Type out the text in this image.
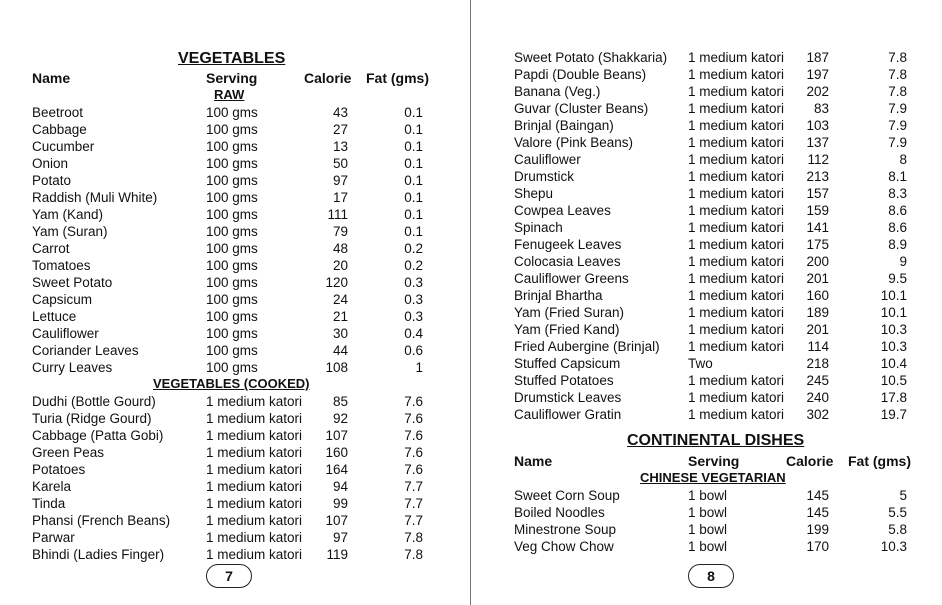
VEGETABLES
Name	Serving	Calorie Fat (gms)
RAW
Beetroot	100 gms	43	0.1
Cabbage	100 gms	27	0.1
Cucumber	100 gms	13	0.1
Onion	100 gms	50	0.1
Potato	100 gms	97	0.1
Raddish (Muli White)	100 gms	17	0.1
Yam (Kand)	100 gms	111	0.1
Yam (Suran)	100 gms	79	0.1
Carrot	100 gms	48	0.2
Tomatoes	100 gms	20	0.2
Sweet Potato	100 gms	120	0.3
Capsicum	100 gms	24	0.3
Lettuce	100 gms	21	0.3
Cauliflower	100 gms	30	0.4
Coriander Leaves	100 gms	44	0.6
Curry Leaves	100 gms	108	1
VEGETABLES (COOKED)
Dudhi (Bottle Gourd)	1 medium katori 85	7.6
Turia (Ridge Gourd)	1 medium katori 92	7.6
Cabbage (Patta Gobi)	1 medium katori 107	7.6
Green Peas	1 medium katori 160	7.6
Potatoes	1 medium katori 164	7.6
Karela	1 medium katori 94	7.7
Tinda	1 medium katori 99	7.7
Phansi (French Beans)	1 medium katori 107	7.7
Parwar	1 medium katori 97	7.8
Bhindi (Ladies Finger)	1 medium katori 119	7.8
7
Sweet Potato (Shakkaria) 1 medium katori 187	7.8
Papdi (Double Beans)	1 medium katori 197	7.8
Banana (Veg.)	1 medium katori 202	7.8
Guvar (Cluster Beans)	1 medium katori 83	7.9
Brinjal (Baingan)	1 medium katori 103	7.9
Valore (Pink Beans)	1 medium katori 137	7.9
Cauliflower	1 medium katori 112	8
Drumstick	1 medium katori 213	8.1
Shepu	1 medium katori 157	8.3
Cowpea Leaves	1 medium katori 159	8.6
Spinach	1 medium katori 141	8.6
Fenugeek Leaves	1 medium katori 175	8.9
Colocasia Leaves	1 medium katori 200	9
Cauliflower Greens	1 medium katori 201	9.5
Brinjal Bhartha	1 medium katori 160	10.1
Yam (Fried Suran)	1 medium katori 189	10.1
Yam (Fried Kand)	1 medium katori 201	10.3
Fried Aubergine (Brinjal) 1 medium katori 114	10.3
Stuffed Capsicum	Two	218	10.4
Stuffed Potatoes	1 medium katori 245	10.5
Drumstick Leaves	1 medium katori 240	17.8
Cauliflower Gratin	1 medium katori 302	19.7
CONTINENTAL DISHES
Name	Serving	Calorie Fat (gms)
CHINESE VEGETARIAN
Sweet Corn Soup	1 bowl	145	5
Boiled Noodles	1 bowl	145	5.5
Minestrone Soup	1 bowl	199	5.8
Veg Chow Chow	1 bowl	170	10.3
8
